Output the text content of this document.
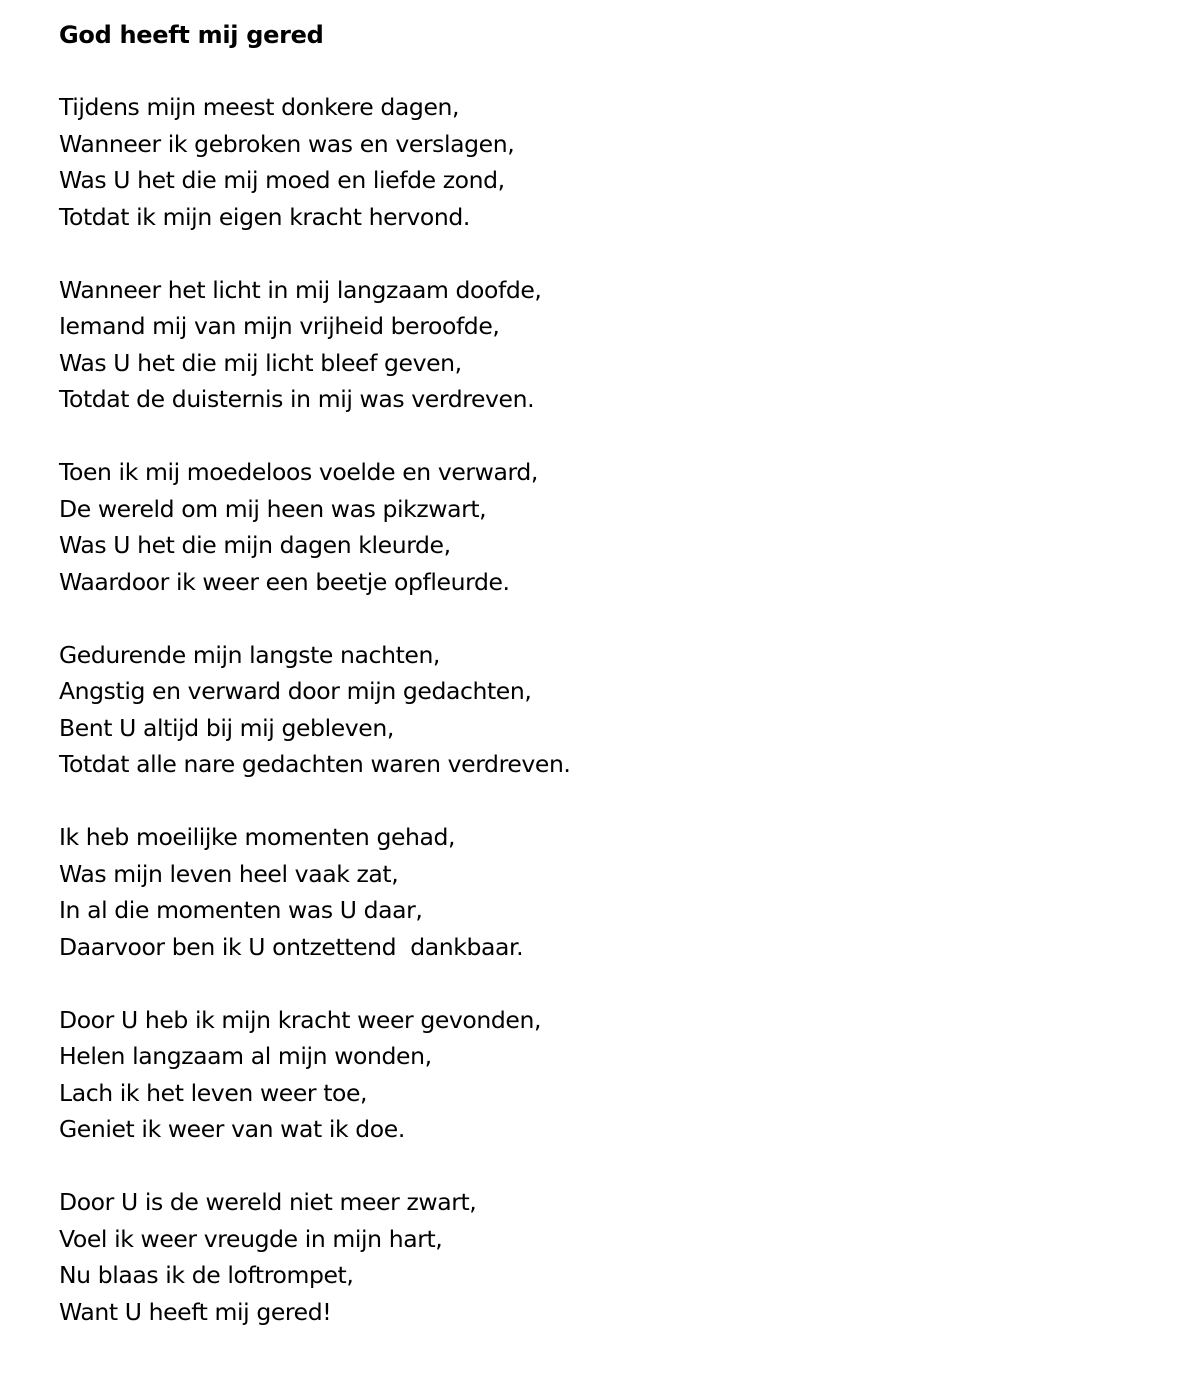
God heeft mij gered
Tijdens mijn meest donkere dagen,
Wanneer ik gebroken was en verslagen,
Was U het die mij moed en liefde zond,
Totdat ik mijn eigen kracht hervond.
Wanneer het licht in mij langzaam doofde,
Iemand mij van mijn vrijheid beroofde,
Was U het die mij licht bleef geven,
Totdat de duisternis in mij was verdreven.
Toen ik mij moedeloos voelde en verward,
De wereld om mij heen was pikzwart,
Was U het die mijn dagen kleurde,
Waardoor ik weer een beetje opfleurde.
Gedurende mijn langste nachten,
Angstig en verward door mijn gedachten,
Bent U altijd bij mij gebleven,
Totdat alle nare gedachten waren verdreven.
Ik heb moeilijke momenten gehad,
Was mijn leven heel vaak zat,
In al die momenten was U daar,
Daarvoor ben ik U ontzettend  dankbaar.
Door U heb ik mijn kracht weer gevonden,
Helen langzaam al mijn wonden,
Lach ik het leven weer toe,
Geniet ik weer van wat ik doe.
Door U is de wereld niet meer zwart,
Voel ik weer vreugde in mijn hart,
Nu blaas ik de loftrompet,
Want U heeft mij gered!
